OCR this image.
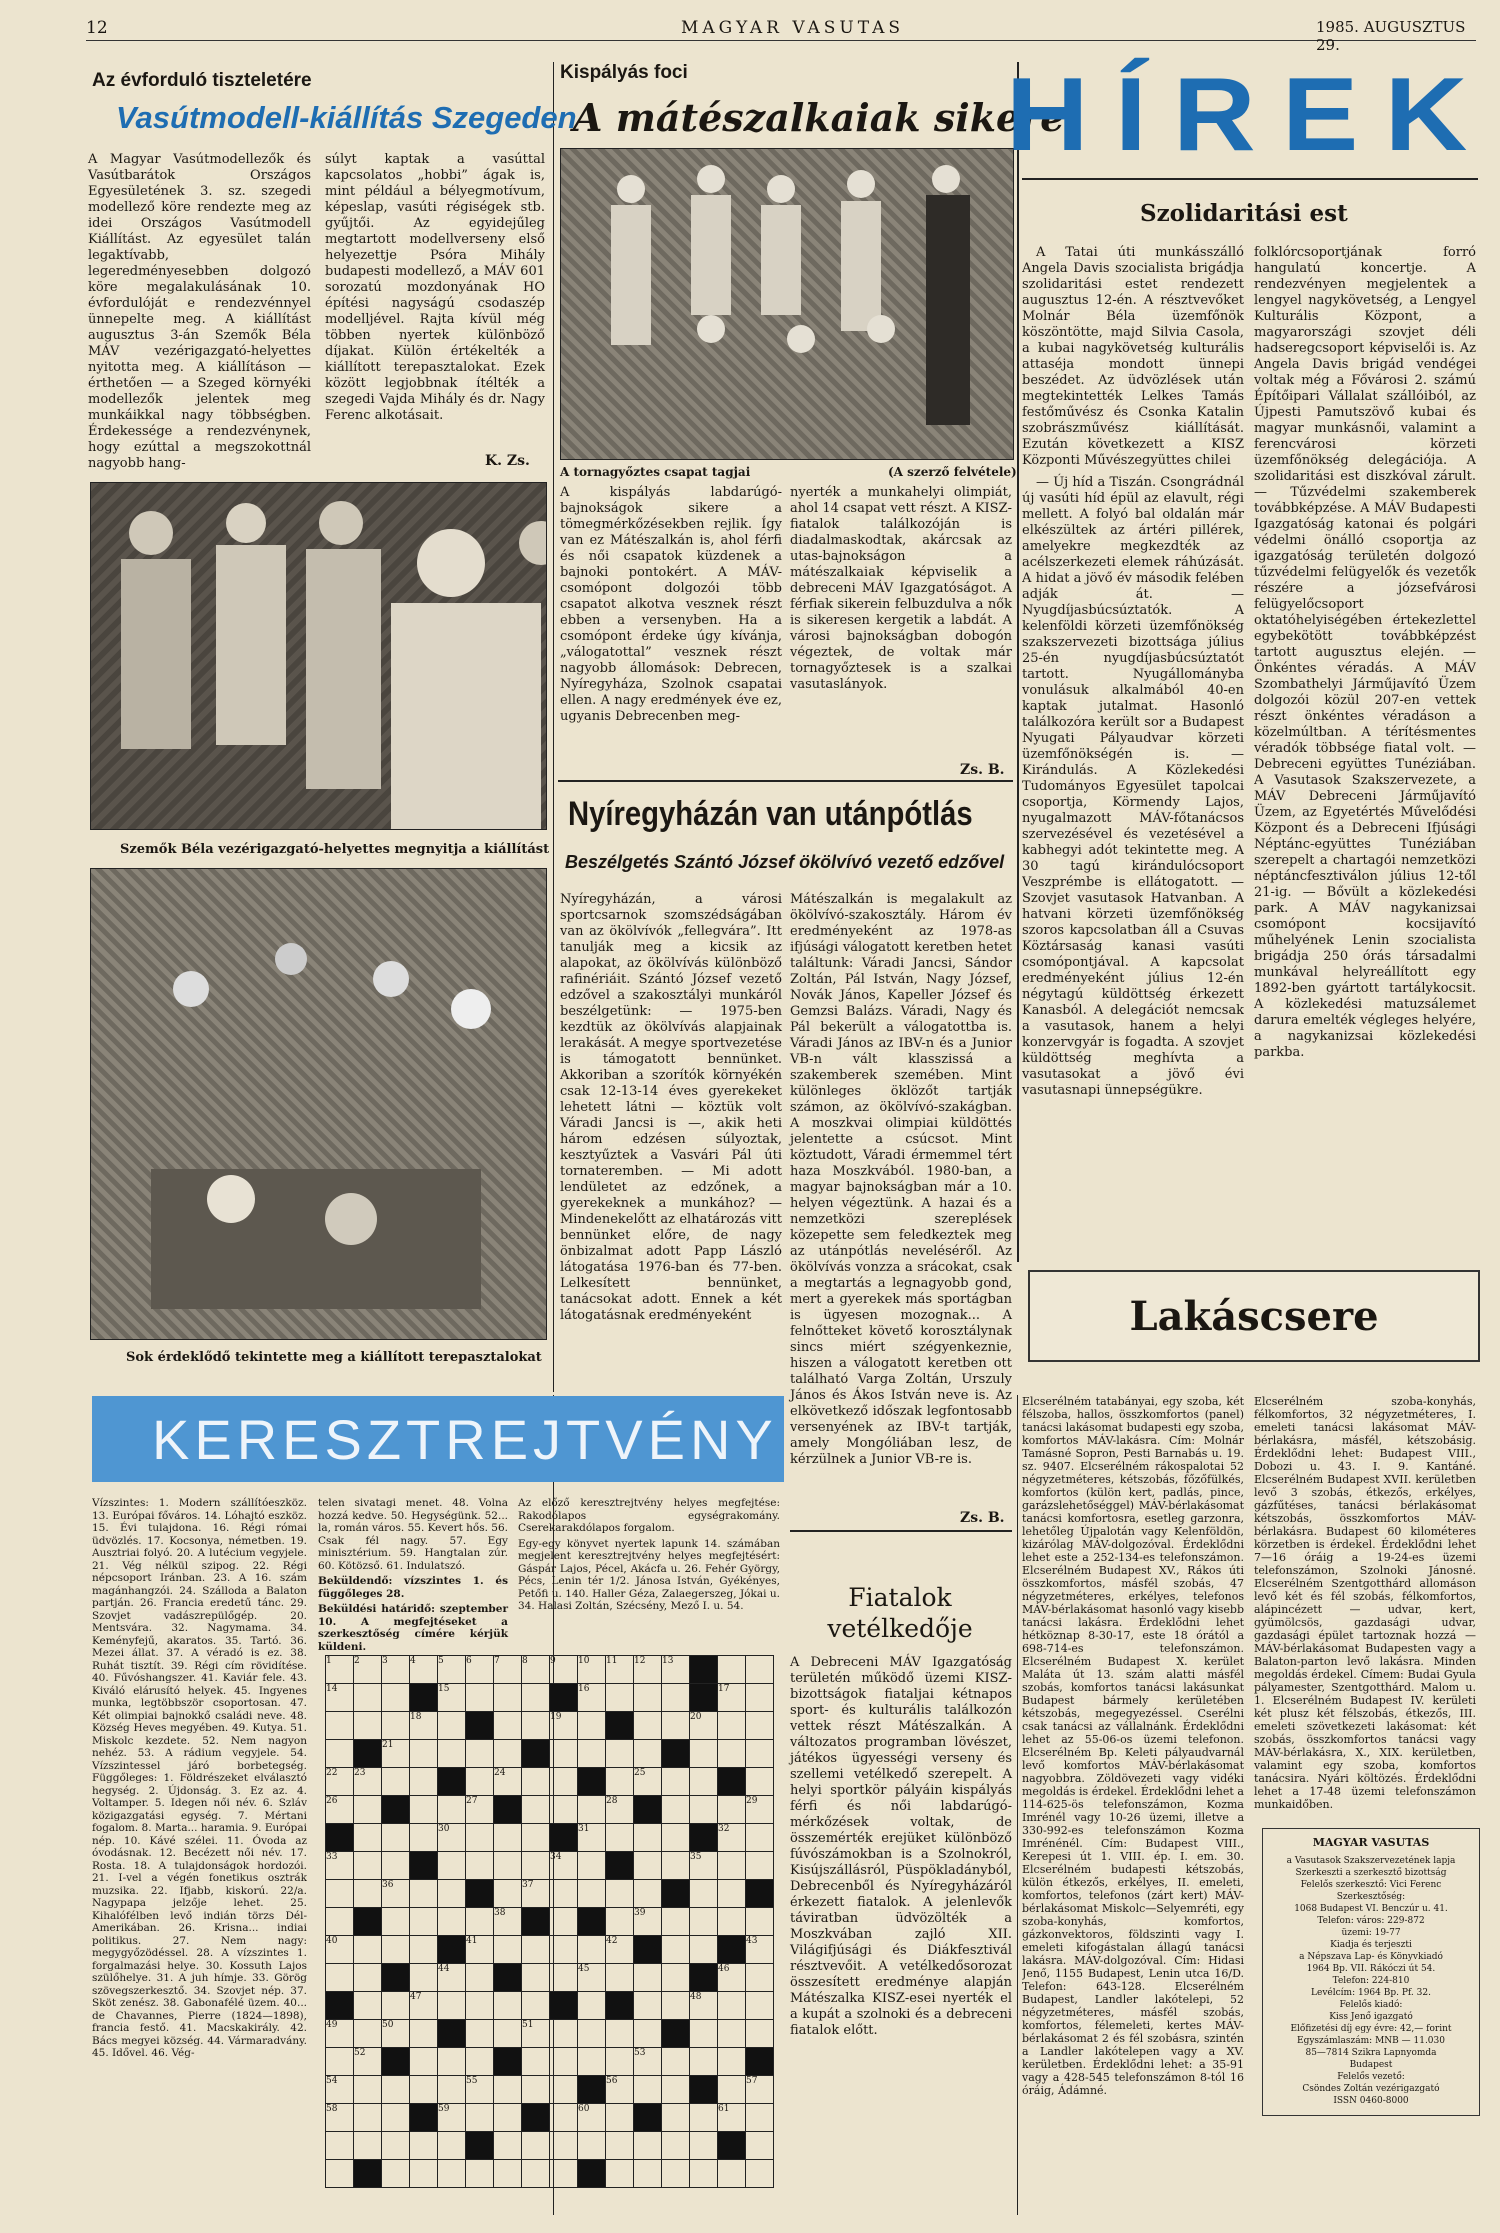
12	MAGYAR VASUTAS	1985. AUGUSZTUS 29.
Az évforduló tiszteletére
Vasútmodell-kiállítás Szegeden
A Magyar Vasútmodellezők és Vasútbarátok Országos Egyesületének 3. sz. szegedi modellező köre rendezte meg az idei Országos Vasútmodell Kiállítást. Az egyesület talán legaktívabb, legeredményesebben dolgozó köre megalakulásának 10. évfordulóját e rendezvénnyel ünnepelte meg. A kiállítást augusztus 3-án Szemők Béla MÁV vezérigazgató-helyettes nyitotta meg. A kiállításon — érthetően — a Szeged környéki modellezők jelentek meg munkáikkal nagy többségben. Érdekessége a rendezvénynek, hogy ezúttal a megszokottnál nagyobb hang-
súlyt kaptak a vasúttal kapcsolatos „hobbi” ágak is, mint például a bélyegmotívum, képeslap, vasúti régiségek stb. gyűjtői. Az egyidejűleg megtartott modellverseny első helyezettje Psóra Mihály budapesti modellező, a MÁV 601 sorozatú mozdonyának HO építési nagyságú csodaszép modelljével. Rajta kívül még többen nyertek különböző díjakat. Külön értékelték a kiállított terepasztalokat. Ezek között legjobbnak ítélték a szegedi Vajda Mihály és dr. Nagy Ferenc alkotásait.
K. Zs.
Szemők Béla vezérigazgató-helyettes megnyitja a kiállítást
Sok érdeklődő tekintette meg a kiállított terepasztalokat
Kispályás foci
A mátészalkaiak sikere
A tornagyőztes csapat tagjai	(A szerző felvétele)
A kispályás labdarúgó-bajnokságok sikere a tömegmérkőzésekben rejlik. Így van ez Mátészalkán is, ahol férfi és női csapatok küzdenek a bajnoki pontokért. A MÁV-csomópont dolgozói több csapatot alkotva vesznek részt ebben a versenyben. Ha a csomópont érdeke úgy kívánja, „válogatottal” vesznek részt nagyobb állomások: Debrecen, Nyíregyháza, Szolnok csapatai ellen. A nagy eredmények éve ez, ugyanis Debrecenben meg-
nyerték a munkahelyi olimpiát, ahol 14 csapat vett részt. A KISZ-fiatalok találkozóján is diadalmaskodtak, akárcsak az utas-bajnokságon a mátészalkaiak képviselik a debreceni MÁV Igazgatóságot. A férfiak sikerein felbuzdulva a nők is sikeresen kergetik a labdát. A városi bajnokságban dobogón végeztek, de voltak már tornagyőztesek is a szalkai vasutaslányok.
Zs. B.
Nyíregyházán van utánpótlás
Beszélgetés Szántó József ökölvívó vezető edzővel
Nyíregyházán, a városi sportcsarnok szomszédságában van az ökölvívók „fellegvára”. Itt tanulják meg a kicsik az alapokat, az ökölvívás különböző rafinériáit. Szántó József vezető edzővel a szakosztályi munkáról beszélgetünk: — 1975-ben kezdtük az ökölvívás alapjainak lerakását. A megye sportvezetése is támogatott bennünket. Akkoriban a szorítók környékén csak 12-13-14 éves gyerekeket lehetett látni — köztük volt Váradi Jancsi is —, akik heti három edzésen súlyoztak, kesztyűztek a Vasvári Pál úti tornateremben. — Mi adott lendületet az edzőnek, a gyerekeknek a munkához? — Mindenekelőtt az elhatározás vitt bennünket előre, de nagy önbizalmat adott Papp László látogatása 1976-ban és 77-ben. Lelkesített bennünket, tanácsokat adott. Ennek a két látogatásnak eredményeként
Mátészalkán is megalakult az ökölvívó-szakosztály. Három év eredményeként az 1978-as ifjúsági válogatott keretben hetet találtunk: Váradi Jancsi, Sándor Zoltán, Pál István, Nagy József, Novák János, Kapeller József és Gemzsi Balázs. Váradi, Nagy és Pál bekerült a válogatottba is. Váradi János az IBV-n és a Junior VB-n vált klasszissá a szakemberek szemében. Mint különleges öklözőt tartják számon, az ökölvívó-szakágban. A moszkvai olimpiai küldöttés jelentette a csúcsot. Mint köztudott, Váradi érmemmel tért haza Moszkvából. 1980-ban, a magyar bajnokságban már a 10. helyen végeztünk. A hazai és a nemzetközi szereplések közepette sem feledkeztek meg az utánpótlás neveléséről. Az ökölvívás vonzza a srácokat, csak a megtartás a legnagyobb gond, mert a gyerekek más sportágban is ügyesen mozognak... A felnőtteket követő korosztálynak sincs miért szégyenkeznie, hiszen a válogatott keretben ott található Varga Zoltán, Urszuly János és Ákos István neve is. Az elkövetkező időszak legfontosabb versenyének az IBV-t tartják, amely Mongóliában lesz, de kérzülnek a Junior VB-re is.
Zs. B.
HÍREK
Szolidaritási est

A Tatai úti munkásszálló Angela Davis szocialista brigádja szolidaritási estet rendezett augusztus 12-én. A résztvevőket Molnár Béla üzemfőnök köszöntötte, majd Silvia Casola, a kubai nagykövetség kulturális attaséja mondott ünnepi beszédet. Az üdvözlések után megtekintették Lelkes Tamás festőművész és Csonka Katalin szobrászművész kiállítását. Ezután következett a KISZ Központi Művészegyüttes chilei

— Új híd a Tiszán. Csongrádnál új vasúti híd épül az elavult, régi mellett. A folyó bal oldalán már elkészültek az ártéri pillérek, amelyekre megkezdték az acélszerkezeti elemek ráhúzását. A hidat a jövő év második felében adják át. — Nyugdíjasbúcsúztatók. A kelenföldi körzeti üzemfőnökség szakszervezeti bizottsága július 25-én nyugdíjasbúcsúztatót tartott. Nyugállományba vonulásuk alkalmából 40-en kaptak jutalmat. Hasonló találkozóra került sor a Budapest Nyugati Pályaudvar körzeti üzemfőnökségén is. — Kirándulás. A Közlekedési Tudományos Egyesület tapolcai csoportja, Körmendy Lajos, nyugalmazott MÁV-főtanácsos szervezésével és vezetésével a kabhegyi adót tekintette meg. A 30 tagú kirándulócsoport Veszprémbe is ellátogatott. — Szovjet vasutasok Hatvanban. A hatvani körzeti üzemfőnökség szoros kapcsolatban áll a Csuvas Köztársaság kanasi vasúti csomópontjával. A kapcsolat eredményeként július 12-én négytagú küldöttség érkezett Kanasból. A delegációt nemcsak a vasutasok, hanem a helyi konzervgyár is fogadta. A szovjet küldöttség meghívta a vasutasokat a jövő évi vasutasnapi ünnepségükre.

folklórcsoportjának forró hangulatú koncertje. A rendezvényen megjelentek a lengyel nagykövetség, a Lengyel Kulturális Központ, a magyarországi szovjet déli hadseregcsoport képviselői is. Az Angela Davis brigád vendégei voltak még a Fővárosi 2. számú Építőipari Vállalat szállóiból, az Újpesti Pamutszövő kubai és magyar munkásnői, valamint a ferencvárosi körzeti üzemfőnökség delegációja. A szolidaritási est diszkóval zárult. — Tűzvédelmi szakemberek továbbképzése. A MÁV Budapesti Igazgatóság katonai és polgári védelmi önálló csoportja az igazgatóság területén dolgozó tűzvédelmi felügyelők és vezetők részére a józsefvárosi felügyelőcsoport oktatóhelyiségében értekezlettel egybekötött továbbképzést tartott augusztus elején. — Önkéntes véradás. A MÁV Szombathelyi Járműjavító Üzem dolgozói közül 207-en vettek részt önkéntes véradáson a közelmúltban. A térítésmentes véradók többsége fiatal volt. — Debreceni együttes Tunéziában. A Vasutasok Szakszervezete, a MÁV Debreceni Járműjavító Üzem, az Egyetértés Művelődési Központ és a Debreceni Ifjúsági Néptánc-együttes Tunéziában szerepelt a chartagói nemzetközi néptáncfesztiválon július 12-től 21-ig. — Bővült a közlekedési park. A MÁV nagykanizsai csomópont kocsijavító műhelyének Lenin szocialista brigádja 250 órás társadalmi munkával helyreállított egy 1892-ben gyártott tartálykocsit. A közlekedési matuzsálemet darura emelték végleges helyére, a nagykanizsai közlekedési parkba.
Lakáscsere
Elcserélném tatabányai, egy szoba, két félszoba, hallos, összkomfortos (panel) tanácsi lakásomat budapesti egy szoba, komfortos MÁV-lakásra. Cím: Molnár Tamásné Sopron, Pesti Barnabás u. 19. sz. 9407. Elcserélném rákospalotai 52 négyzetméteres, kétszobás, főzőfülkés, komfortos (külön kert, padlás, pince, garázslehetőséggel) MÁV-bérlakásomat tanácsi komfortosra, esetleg garzonra, lehetőleg Újpalotán vagy Kelenföldön, kizárólag MÁV-dolgozóval. Érdeklődni lehet este a 252-134-es telefonszámon. Elcserélném Budapest XV., Rákos úti összkomfortos, másfél szobás, 47 négyzetméteres, erkélyes, telefonos MÁV-bérlakásomat hasonló vagy kisebb tanácsi lakásra. Érdeklődni lehet hétköznap 8-30-17, este 18 órától a 698-714-es telefonszámon. Elcserélném Budapest X. kerület Maláta út 13. szám alatti másfél szobás, komfortos tanácsi lakásunkat Budapest bármely kerületében kétszobás, megegyezéssel. Cserélni csak tanácsi az vállalnánk. Érdeklődni lehet az 55-06-os üzemi telefonon. Elcserélném Bp. Keleti pályaudvarnál levő komfortos MÁV-bérlakásomat nagyobbra. Zöldövezeti vagy vidéki megoldás is érdekel. Érdeklődni lehet a 114-625-ös telefonszámon, Kozma Imrénél vagy 10-26 üzemi, illetve a 330-992-es telefonszámon Kozma Imrénénél. Cím: Budapest VIII., Kerepesi út 1. VIII. ép. I. em. 30. Elcserélném budapesti kétszobás, külön étkezős, erkélyes, II. emeleti, komfortos, telefonos (zárt kert) MÁV-bérlakásomat Miskolc—Selyemréti, egy szoba-konyhás, komfortos, gázkonvektoros, földszinti vagy I. emeleti kifogástalan állagú tanácsi lakásra. MÁV-dolgozóval. Cím: Hidasi Jenő, 1155 Budapest, Lenin utca 16/D. Telefon: 643-128. Elcserélném Budapest, Landler lakótelepi, 52 négyzetméteres, másfél szobás, komfortos, félemeleti, kertes MÁV-bérlakásomat 2 és fél szobásra, szintén a Landler lakótelepen vagy a XV. kerületben. Érdeklődni lehet: a 35-91 vagy a 428-545 telefonszámon 8-tól 16 óráig, Ádámné.
Elcserélném szoba-konyhás, félkomfortos, 32 négyzetméteres, I. emeleti tanácsi lakásomat MÁV-bérlakásra, másfél, kétszobásig. Érdeklődni lehet: Budapest VIII., Dobozi u. 43. I. 9. Kantáné. Elcserélném Budapest XVII. kerületben levő 3 szobás, étkezős, erkélyes, gázfűtéses, tanácsi bérlakásomat kétszobás, összkomfortos MÁV-bérlakásra. Budapest 60 kilométeres körzetben is érdekel. Érdeklődni lehet 7—16 óráig a 19-24-es üzemi telefonszámon, Szolnoki Jánosné. Elcserélném Szentgotthárd allomáson levő két és fél szobás, félkomfortos, alápincézett — udvar, kert, gyümölcsös, gazdasági udvar, gazdasági épület tartoznak hozzá — MÁV-bérlakásomat Budapesten vagy a Balaton-parton levő lakásra. Minden megoldás érdekel. Címem: Budai Gyula pályamester, Szentgotthárd. Malom u. 1. Elcserélném Budapest IV. kerületi két plusz két félszobás, étkezős, III. emeleti szövetkezeti lakásomat: két szobás, összkomfortos tanácsi vagy MÁV-bérlakásra, X., XIX. kerületben, valamint egy szoba, komfortos tanácsira. Nyári költözés. Érdeklődni lehet a 17-48 üzemi telefonszámon munkaidőben.
MAGYAR VASUTAS
a Vasutasok Szakszervezetének lapja
Szerkeszti a szerkesztő bizottság
Felelős szerkesztő: Vici Ferenc
Szerkesztőség:
1068 Budapest VI. Benczúr u. 41.
Telefon: város: 229-872
üzemi: 19-77
Kiadja és terjeszti
a Népszava Lap- és Könyvkiadó
1964 Bp. VII. Rákóczi út 54.
Telefon: 224-810
Levélcím: 1964 Bp. Pf. 32.
Felelős kiadó:
Kiss Jenő igazgató
Előfizetési díj egy évre: 42,— forint
Egyszámlaszám: MNB — 11.030
85—7814 Szikra Lapnyomda
Budapest
Felelős vezető:
Csöndes Zoltán vezérigazgató
ISSN 0460-8000
KERESZTREJTVÉNY
Vízszintes: 1. Modern szállítóeszköz. 13. Európai főváros. 14. Lóhajtó eszköz. 15. Évi tulajdona. 16. Régi római üdvözlés. 17. Kocsonya, németben. 19. Ausztriai folyó. 20. A lutécium vegyjele. 21. Vég nélkül szipog. 22. Régi népcsoport Iránban. 23. A 16. szám magánhangzói. 24. Szálloda a Balaton partján. 26. Francia eredetű tánc. 29. Szovjet vadászrepülőgép. 20. Mentsvára. 32. Nagymama. 34. Keményfejű, akaratos. 35. Tartó. 36. Mezei állat. 37. A véradó is ez. 38. Ruhát tisztít. 39. Régi cím rövidítése. 40. Fűvóshangszer. 41. Kaviár fele. 43. Kiváló elárusító helyek. 45. Ingyenes munka, legtöbbször csoportosan. 47. Két olimpiai bajnokkő családi neve. 48. Község Heves megyében. 49. Kutya. 51. Miskolc kezdete. 52. Nem nagyon nehéz. 53. A rádium vegyjele. 54. Vízszintessel járó borbetegség. Függőleges: 1. Földrészeket elválasztó hegység. 2. Újdonság. 3. Ez az. 4. Voltamper. 5. Idegen női név. 6. Szláv közigazgatási egység. 7. Mértani fogalom. 8. Marta... haramia. 9. Európai nép. 10. Kávé szélei. 11. Óvoda az óvodásnak. 12. Becézett női név. 17. Rosta. 18. A tulajdonságok hordozói. 21. I-vel a végén fonetikus osztrák muzsika. 22. Ifjabb, kiskorú. 22/a. Nagypapa jelzője lehet. 25. Kihalófélben levő indián törzs Dél-Amerikában. 26. Krisna... indiai politikus. 27. Nem nagy: megygyőzödéssel. 28. A vízszintes 1. forgalmazási helye. 30. Kossuth Lajos szülőhelye. 31. A juh hímje. 33. Görög szövegszerkesztő. 34. Szovjet nép. 37. Sköt zenész. 38. Gabonafélé üzem. 40... de Chavannes, Pierre (1824—1898), francia festő. 41. Macskakirály. 42. Bács megyei község. 44. Vármaradvány. 45. Idővel. 46. Vég-

telen sivatagi menet. 48. Volna hozzá kedve. 50. Hegységünk. 52... la, román város. 55. Kevert hős. 56. Csak fél nagy. 57. Egy minisztérium. 59. Hangtalan zúr. 60. Kötözső. 61. Indulatszó.

Beküldendő: vízszintes 1. és függőleges 28.

Beküldési határidő: szeptember 10. A megfejtéseket a szerkesztőség címére kérjük küldeni.

Az előző keresztrejtvény helyes megfejtése: Rakodólapos egységrakomány. Cserekarakdólapos forgalom.

Egy-egy könyvet nyertek lapunk 14. számában megjelent keresztrejtvény helyes megfejtésért: Gáspár Lajos, Pécel, Akácfa u. 26. Fehér György, Pécs, Lenin tér 1/2. Jánosa István, Gyékényes, Petőfi u. 140. Haller Géza, Zalaegerszeg, Jókai u. 34. Halasi Zoltán, Szécsény, Mező I. u. 54.

1	2	3	4	5	6	7	8	9	10	11	12	13			
14				15					16					17	
			18					19					20		
		21													
22	23					24					25				
26					27					28					29
				30					31					32	
33								34					35		
		36					37								
						38					39				
40					41					42					43
				44					45					46	
			47										48		
49		50					51								
	52										53				
54					55					56					57
58				59					60					61	

Fiatalok vetélkedője
A Debreceni MÁV Igazgatóság területén működő üzemi KISZ-bizottságok fiataljai kétnapos sport- és kulturális találkozón vettek részt Mátészalkán. A változatos programban lövészet, játékos ügyességi verseny és szellemi vetélkedő szerepelt. A helyi sportkör pályáin kispályás férfi és női labdarúgó-mérkőzések voltak, de összemérték erejüket különböző fúvószámokban is a Szolnokról, Kisújszállásról, Püspökladányból, Debrecenből és Nyíregyházáról érkezett fiatalok. A jelenlevők táviratban üdvözölték a Moszkvában zajló XII. Világifjúsági és Diákfesztivál résztvevőit. A vetélkedősorozat összesített eredménye alapján Mátészalka KISZ-esei nyerték el a kupát a szolnoki és a debreceni fiatalok előtt.
